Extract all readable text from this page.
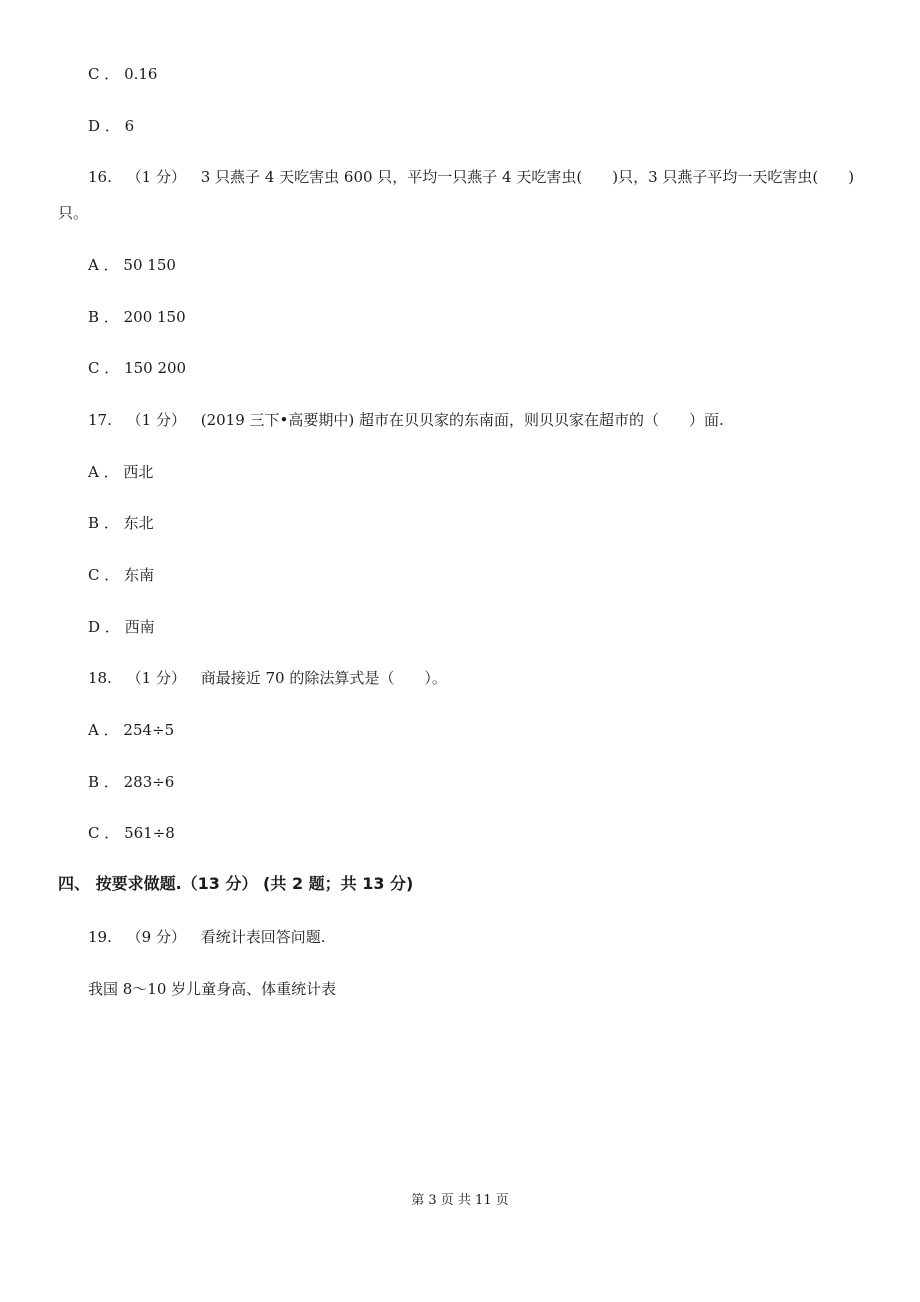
C ． 0.16
D ． 6
16. （1 分） 3 只燕子 4 天吃害虫 600 只，平均一只燕子 4 天吃害虫(　　)只，3 只燕子平均一天吃害虫(　　)
只。
A ． 50 150
B ． 200 150
C ． 150 200
17. （1 分） (2019 三下•高要期中) 超市在贝贝家的东南面，则贝贝家在超市的（　　）面.
A ． 西北
B ． 东北
C ． 东南
D ． 西南
18. （1 分） 商最接近 70 的除法算式是（　　）。
A ． 254÷5
B ． 283÷6
C ． 561÷8
四、 按要求做题.（13 分） (共 2 题；共 13 分)
19. （9 分） 看统计表回答问题.
我国 8～10 岁儿童身高、体重统计表
第 3 页 共 11 页
